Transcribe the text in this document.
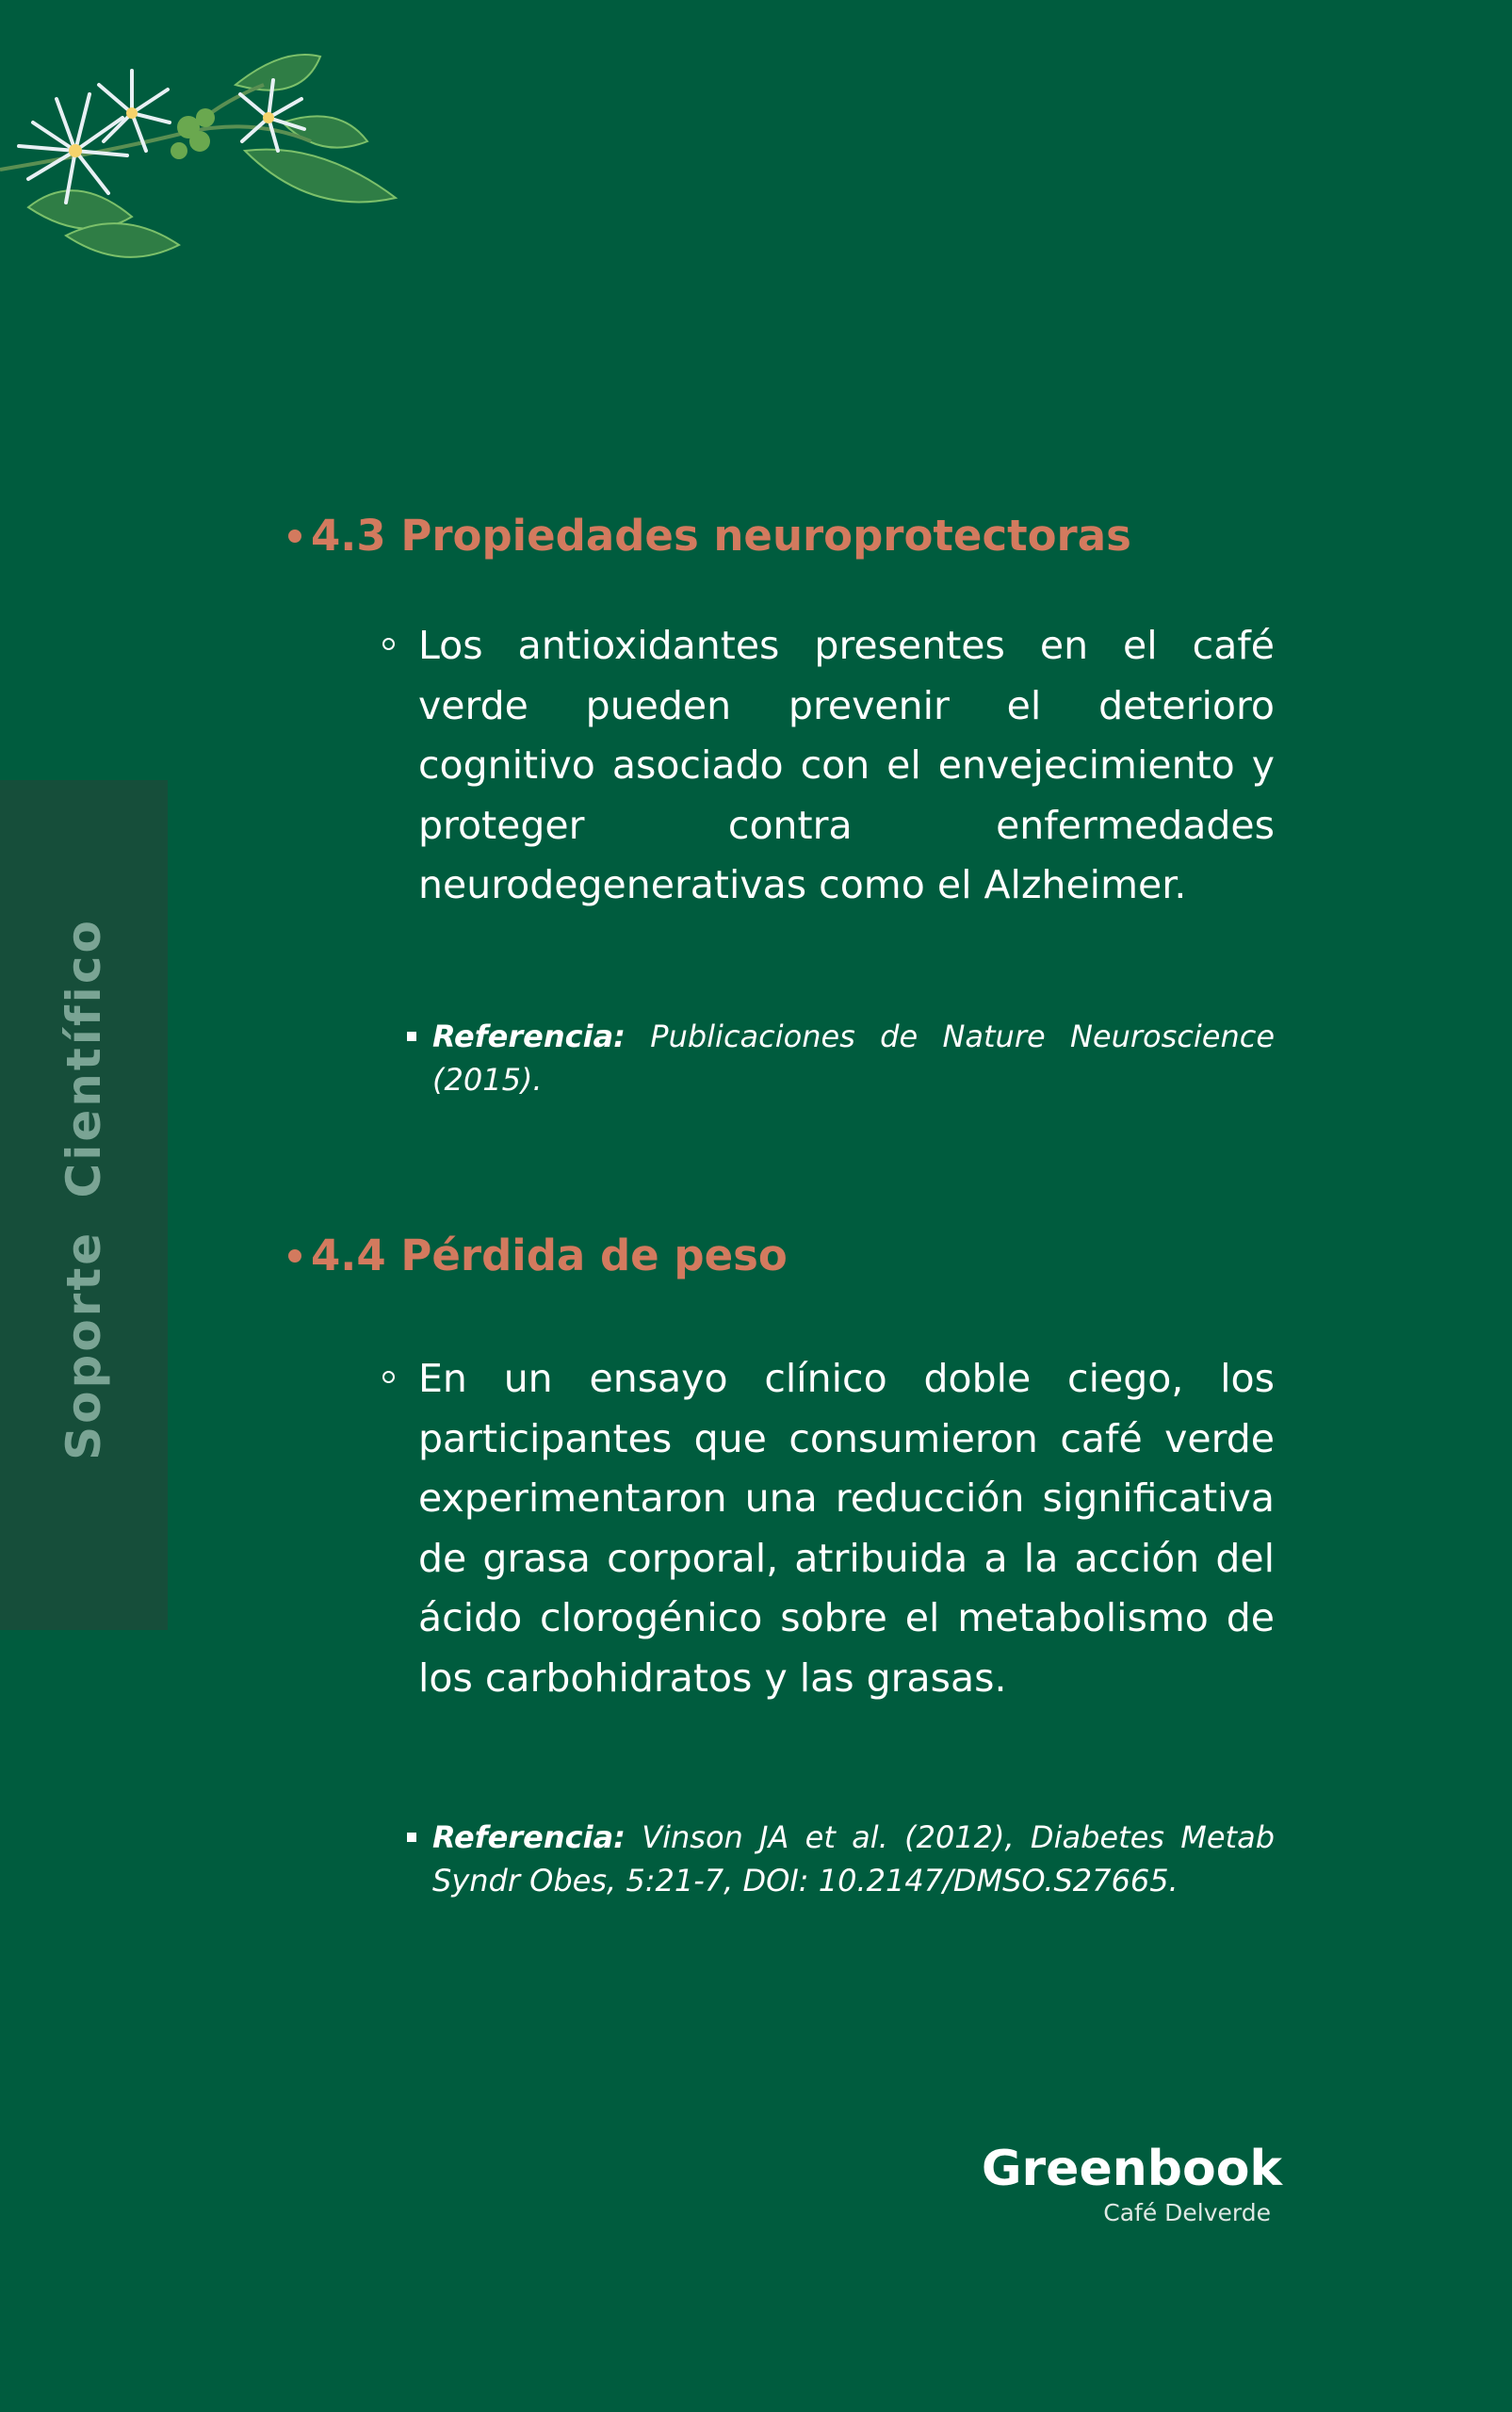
Soporte Científico
4.3 Propiedades neuroprotectoras
Los antioxidantes presentes en el café verde pueden prevenir el deterioro cognitivo asociado con el envejecimiento y proteger contra enfermedades neurodegenerativas como el Alzheimer.
Referencia: Publicaciones de Nature Neuroscience (2015).
4.4 Pérdida de peso
En un ensayo clínico doble ciego, los participantes que consumieron café verde experimentaron una reducción significativa de grasa corporal, atribuida a la acción del ácido clorogénico sobre el metabolismo de los carbohidratos y las grasas.
Referencia: Vinson JA et al. (2012), Diabetes Metab Syndr Obes, 5:21-7, DOI: 10.2147/DMSO.S27665.
Greenbook
Café Delverde
